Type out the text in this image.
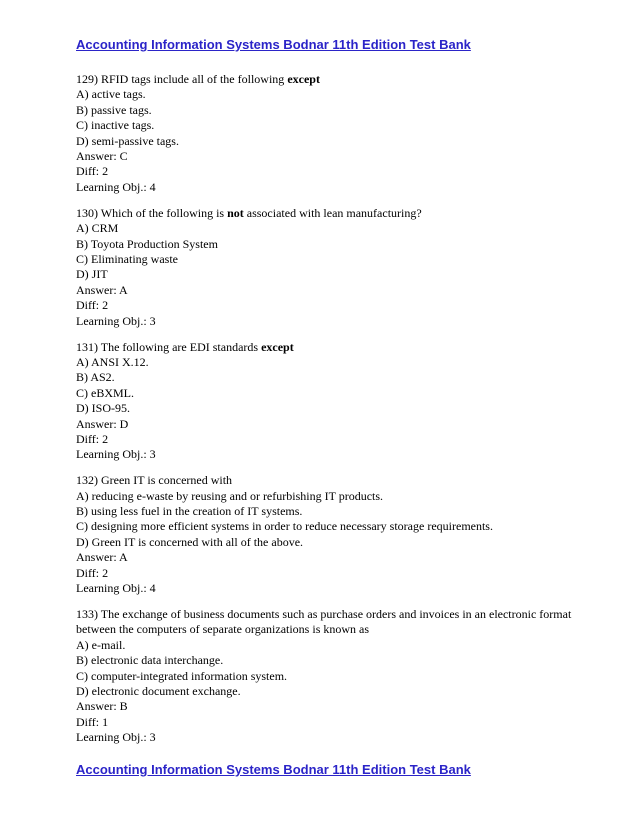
Accounting Information Systems Bodnar 11th Edition Test Bank
129) RFID tags include all of the following except
A) active tags.
B) passive tags.
C) inactive tags.
D) semi-passive tags.
Answer: C
Diff: 2
Learning Obj.: 4
130) Which of the following is not associated with lean manufacturing?
A) CRM
B) Toyota Production System
C) Eliminating waste
D) JIT
Answer: A
Diff: 2
Learning Obj.: 3
131) The following are EDI standards except
A) ANSI X.12.
B) AS2.
C) eBXML.
D) ISO-95.
Answer: D
Diff: 2
Learning Obj.: 3
132) Green IT is concerned with
A) reducing e-waste by reusing and or refurbishing IT products.
B) using less fuel in the creation of IT systems.
C) designing more efficient systems in order to reduce necessary storage requirements.
D) Green IT is concerned with all of the above.
Answer: A
Diff: 2
Learning Obj.: 4
133) The exchange of business documents such as purchase orders and invoices in an electronic format between the computers of separate organizations is known as
A) e-mail.
B) electronic data interchange.
C) computer-integrated information system.
D) electronic document exchange.
Answer: B
Diff: 1
Learning Obj.: 3
Accounting Information Systems Bodnar 11th Edition Test Bank
